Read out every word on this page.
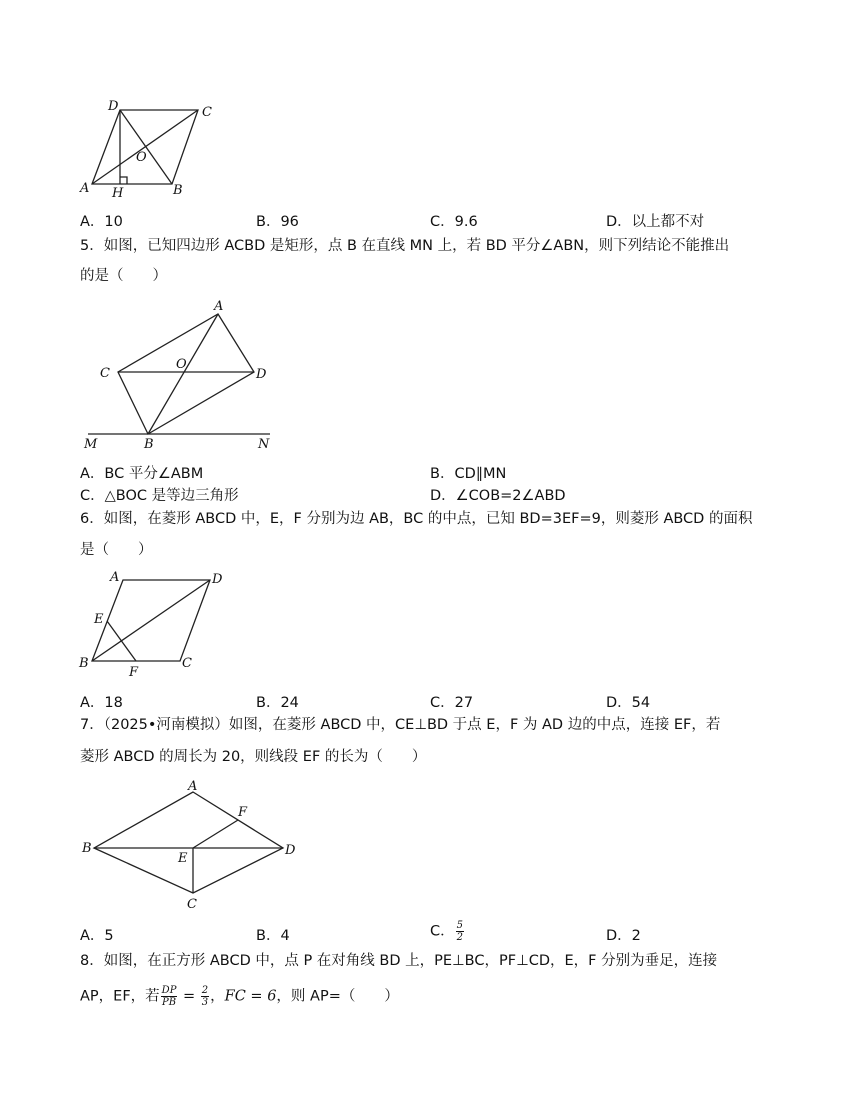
D	C
O
A H	B
A．10	B．96	C．9.6	D．以上都不对
5．如图，已知四边形 ACBD 是矩形，点 B 在直线 MN 上，若 BD 平分∠ABN，则下列结论不能推出
的是（　　）
A
C
O
D
M	B	N
A．BC 平分∠ABM	B．CD∥MN
C．△BOC 是等边三角形	D．∠COB=2∠ABD
6．如图，在菱形 ABCD 中，E，F 分别为边 AB，BC 的中点，已知 BD=3EF=9，则菱形 ABCD 的面积
是（　　）
A	D
E
B
F
C
A．18	B．24	C．27	D．54
7．（2025•河南模拟）如图，在菱形 ABCD 中，CE⊥BD 于点 E，F 为 AD 边的中点，连接 EF，若
菱形 ABCD 的周长为 20，则线段 EF 的长为（　　）
A
F
B
E
D
C
A．5	B．4	C． $\frac{5}{2}$	D．2
8．如图，在正方形 ABCD 中，点 P 在对角线 BD 上，PE⊥BC，PF⊥CD，E，F 分别为垂足，连接
AP，EF，若 $\frac{DP}{PB} = \frac{2}{3}$ ，FC = 6，则 AP=（　　）
